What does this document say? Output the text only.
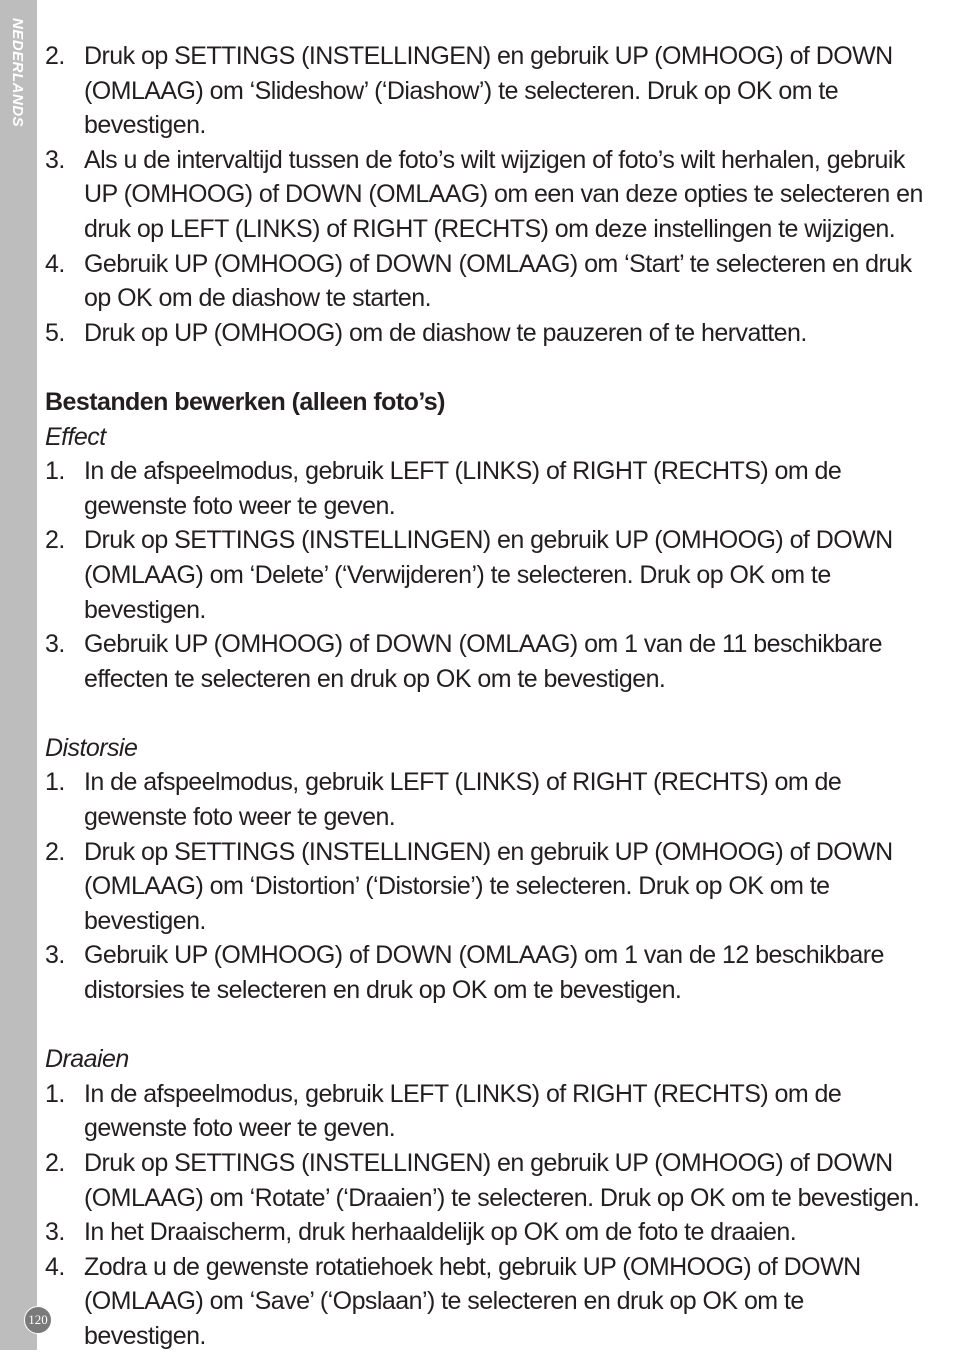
NEDERLANDS 2. Druk op SETTINGS (INSTELLINGEN) en gebruik UP (OMHOOG) of DOWN (OMLAAG) om ‘Slideshow’ (‘Diashow’) te selecteren. Druk op OK om te bevestigen.
3. Als u de intervaltijd tussen de foto’s wilt wijzigen of foto’s wilt herhalen, gebruik UP (OMHOOG) of DOWN (OMLAAG) om een van deze opties te selecteren en druk op LEFT (LINKS) of RIGHT (RECHTS) om deze instellingen te wijzigen.
4. Gebruik UP (OMHOOG) of DOWN (OMLAAG) om ‘Start’ te selecteren en druk op OK om de diashow te starten.
5. Druk op UP (OMHOOG) om de diashow te pauzeren of te hervatten.
Bestanden bewerken (alleen foto’s)
Effect
1. In de afspeelmodus, gebruik LEFT (LINKS) of RIGHT (RECHTS) om de gewenste foto weer te geven.
2. Druk op SETTINGS (INSTELLINGEN) en gebruik UP (OMHOOG) of DOWN (OMLAAG) om ‘Delete’ (‘Verwijderen’) te selecteren. Druk op OK om te bevestigen.
3. Gebruik UP (OMHOOG) of DOWN (OMLAAG) om 1 van de 11 beschikbare effecten te selecteren en druk op OK om te bevestigen.
Distorsie
1. In de afspeelmodus, gebruik LEFT (LINKS) of RIGHT (RECHTS) om de gewenste foto weer te geven.
2. Druk op SETTINGS (INSTELLINGEN) en gebruik UP (OMHOOG) of DOWN (OMLAAG) om ‘Distortion’ (‘Distorsie’) te selecteren. Druk op OK om te bevestigen.
3. Gebruik UP (OMHOOG) of DOWN (OMLAAG) om 1 van de 12 beschikbare distorsies te selecteren en druk op OK om te bevestigen.
Draaien
1. In de afspeelmodus, gebruik LEFT (LINKS) of RIGHT (RECHTS) om de gewenste foto weer te geven.
2. Druk op SETTINGS (INSTELLINGEN) en gebruik UP (OMHOOG) of DOWN (OMLAAG) om ‘Rotate’ (‘Draaien’) te selecteren. Druk op OK om te bevestigen.
3. In het Draaischerm, druk herhaaldelijk op OK om de foto te draaien.
4. Zodra u de gewenste rotatiehoek hebt, gebruik UP (OMHOOG) of DOWN (OMLAAG) om ‘Save’ (‘Opslaan’) te selecteren en druk op OK om te bevestigen.
120
